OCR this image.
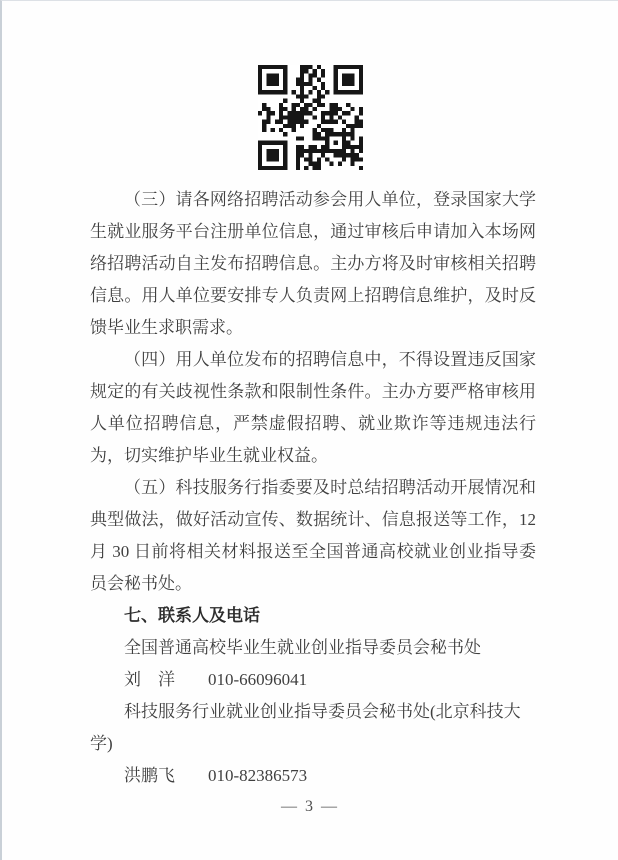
（三）请各网络招聘活动参会用人单位，登录国家大学生就业服务平台注册单位信息，通过审核后申请加入本场网络招聘活动自主发布招聘信息。主办方将及时审核相关招聘信息。用人单位要安排专人负责网上招聘信息维护，及时反馈毕业生求职需求。

（四）用人单位发布的招聘信息中，不得设置违反国家规定的有关歧视性条款和限制性条件。主办方要严格审核用人单位招聘信息，严禁虚假招聘、就业欺诈等违规违法行为，切实维护毕业生就业权益。

（五）科技服务行指委要及时总结招聘活动开展情况和典型做法，做好活动宣传、数据统计、信息报送等工作，12 月 30 日前将相关材料报送至全国普通高校就业创业指导委员会秘书处。

七、联系人及电话

全国普通高校毕业生就业创业指导委员会秘书处

刘　洋 010-66096041

科技服务行业就业创业指导委员会秘书处(北京科技大学)

洪鹏飞 010-82386573

— 3 —
